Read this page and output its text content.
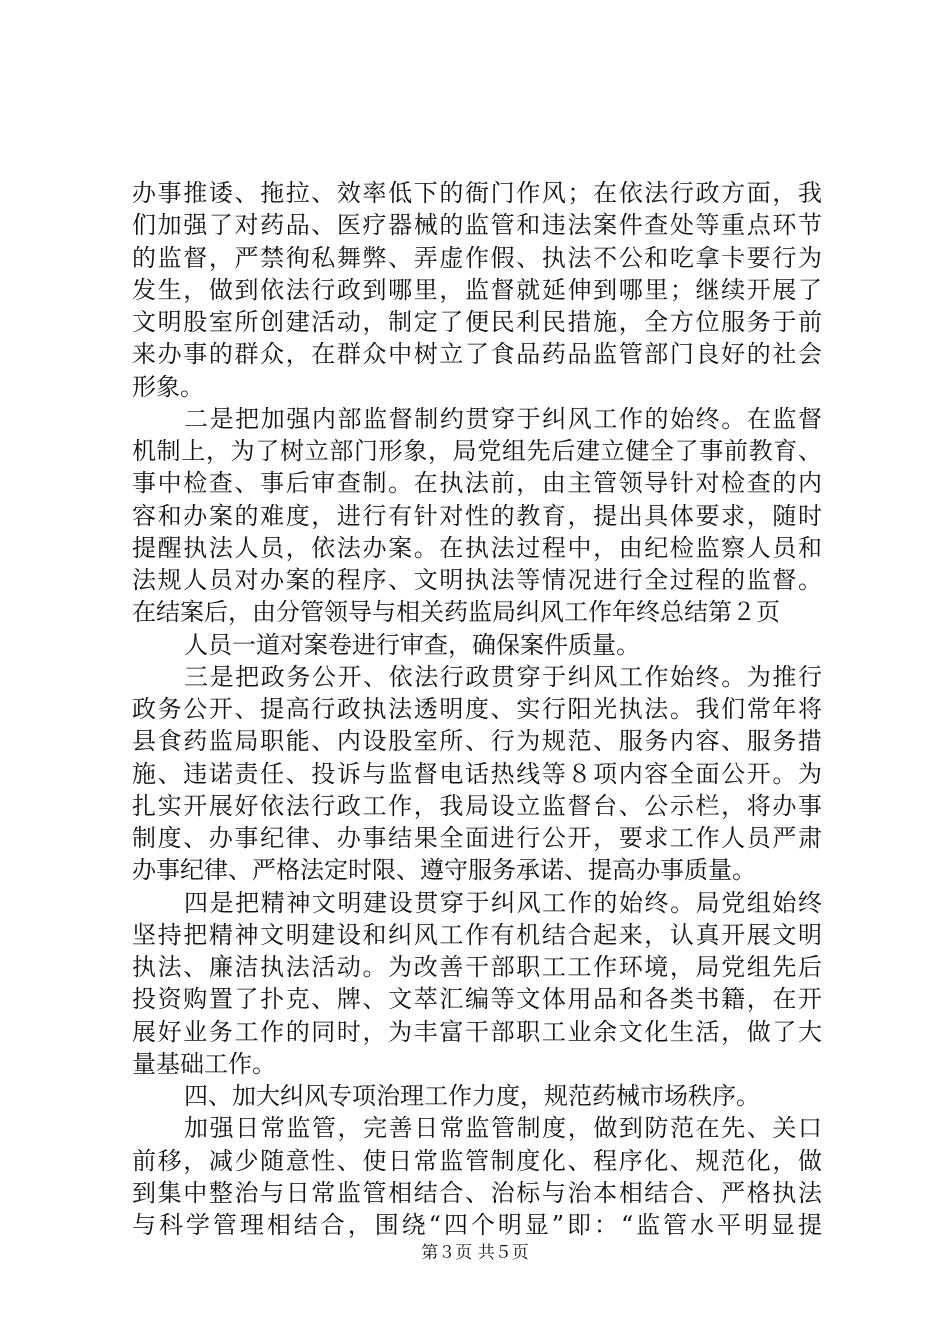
办事推诿、拖拉、效率低下的衙门作风；在依法行政方面，我
们加强了对药品、医疗器械的监管和违法案件查处等重点环节
的监督，严禁徇私舞弊、弄虚作假、执法不公和吃拿卡要行为
发生，做到依法行政到哪里，监督就延伸到哪里；继续开展了
文明股室所创建活动，制定了便民利民措施，全方位服务于前
来办事的群众，在群众中树立了食品药品监管部门良好的社会
形象。
二是把加强内部监督制约贯穿于纠风工作的始终。在监督
机制上，为了树立部门形象，局党组先后建立健全了事前教育、
事中检查、事后审查制。在执法前，由主管领导针对检查的内
容和办案的难度，进行有针对性的教育，提出具体要求，随时
提醒执法人员，依法办案。在执法过程中，由纪检监察人员和
法规人员对办案的程序、文明执法等情况进行全过程的监督。
在结案后，由分管领导与相关药监局纠风工作年终总结第２页
人员一道对案卷进行审查，确保案件质量。
三是把政务公开、依法行政贯穿于纠风工作始终。为推行
政务公开、提高行政执法透明度、实行阳光执法。我们常年将
县食药监局职能、内设股室所、行为规范、服务内容、服务措
施、违诺责任、投诉与监督电话热线等８项内容全面公开。为
扎实开展好依法行政工作，我局设立监督台、公示栏，将办事
制度、办事纪律、办事结果全面进行公开，要求工作人员严肃
办事纪律、严格法定时限、遵守服务承诺、提高办事质量。
四是把精神文明建设贯穿于纠风工作的始终。局党组始终
坚持把精神文明建设和纠风工作有机结合起来，认真开展文明
执法、廉洁执法活动。为改善干部职工工作环境，局党组先后
投资购置了扑克、牌、文萃汇编等文体用品和各类书籍，在开
展好业务工作的同时，为丰富干部职工业余文化生活，做了大
量基础工作。
四、加大纠风专项治理工作力度，规范药械市场秩序。
加强日常监管，完善日常监管制度，做到防范在先、关口
前移，减少随意性、使日常监管制度化、程序化、规范化，做
到集中整治与日常监管相结合、治标与治本相结合、严格执法
与科学管理相结合，围绕“四个明显”即：“监管水平明显提
第３页 共５页
